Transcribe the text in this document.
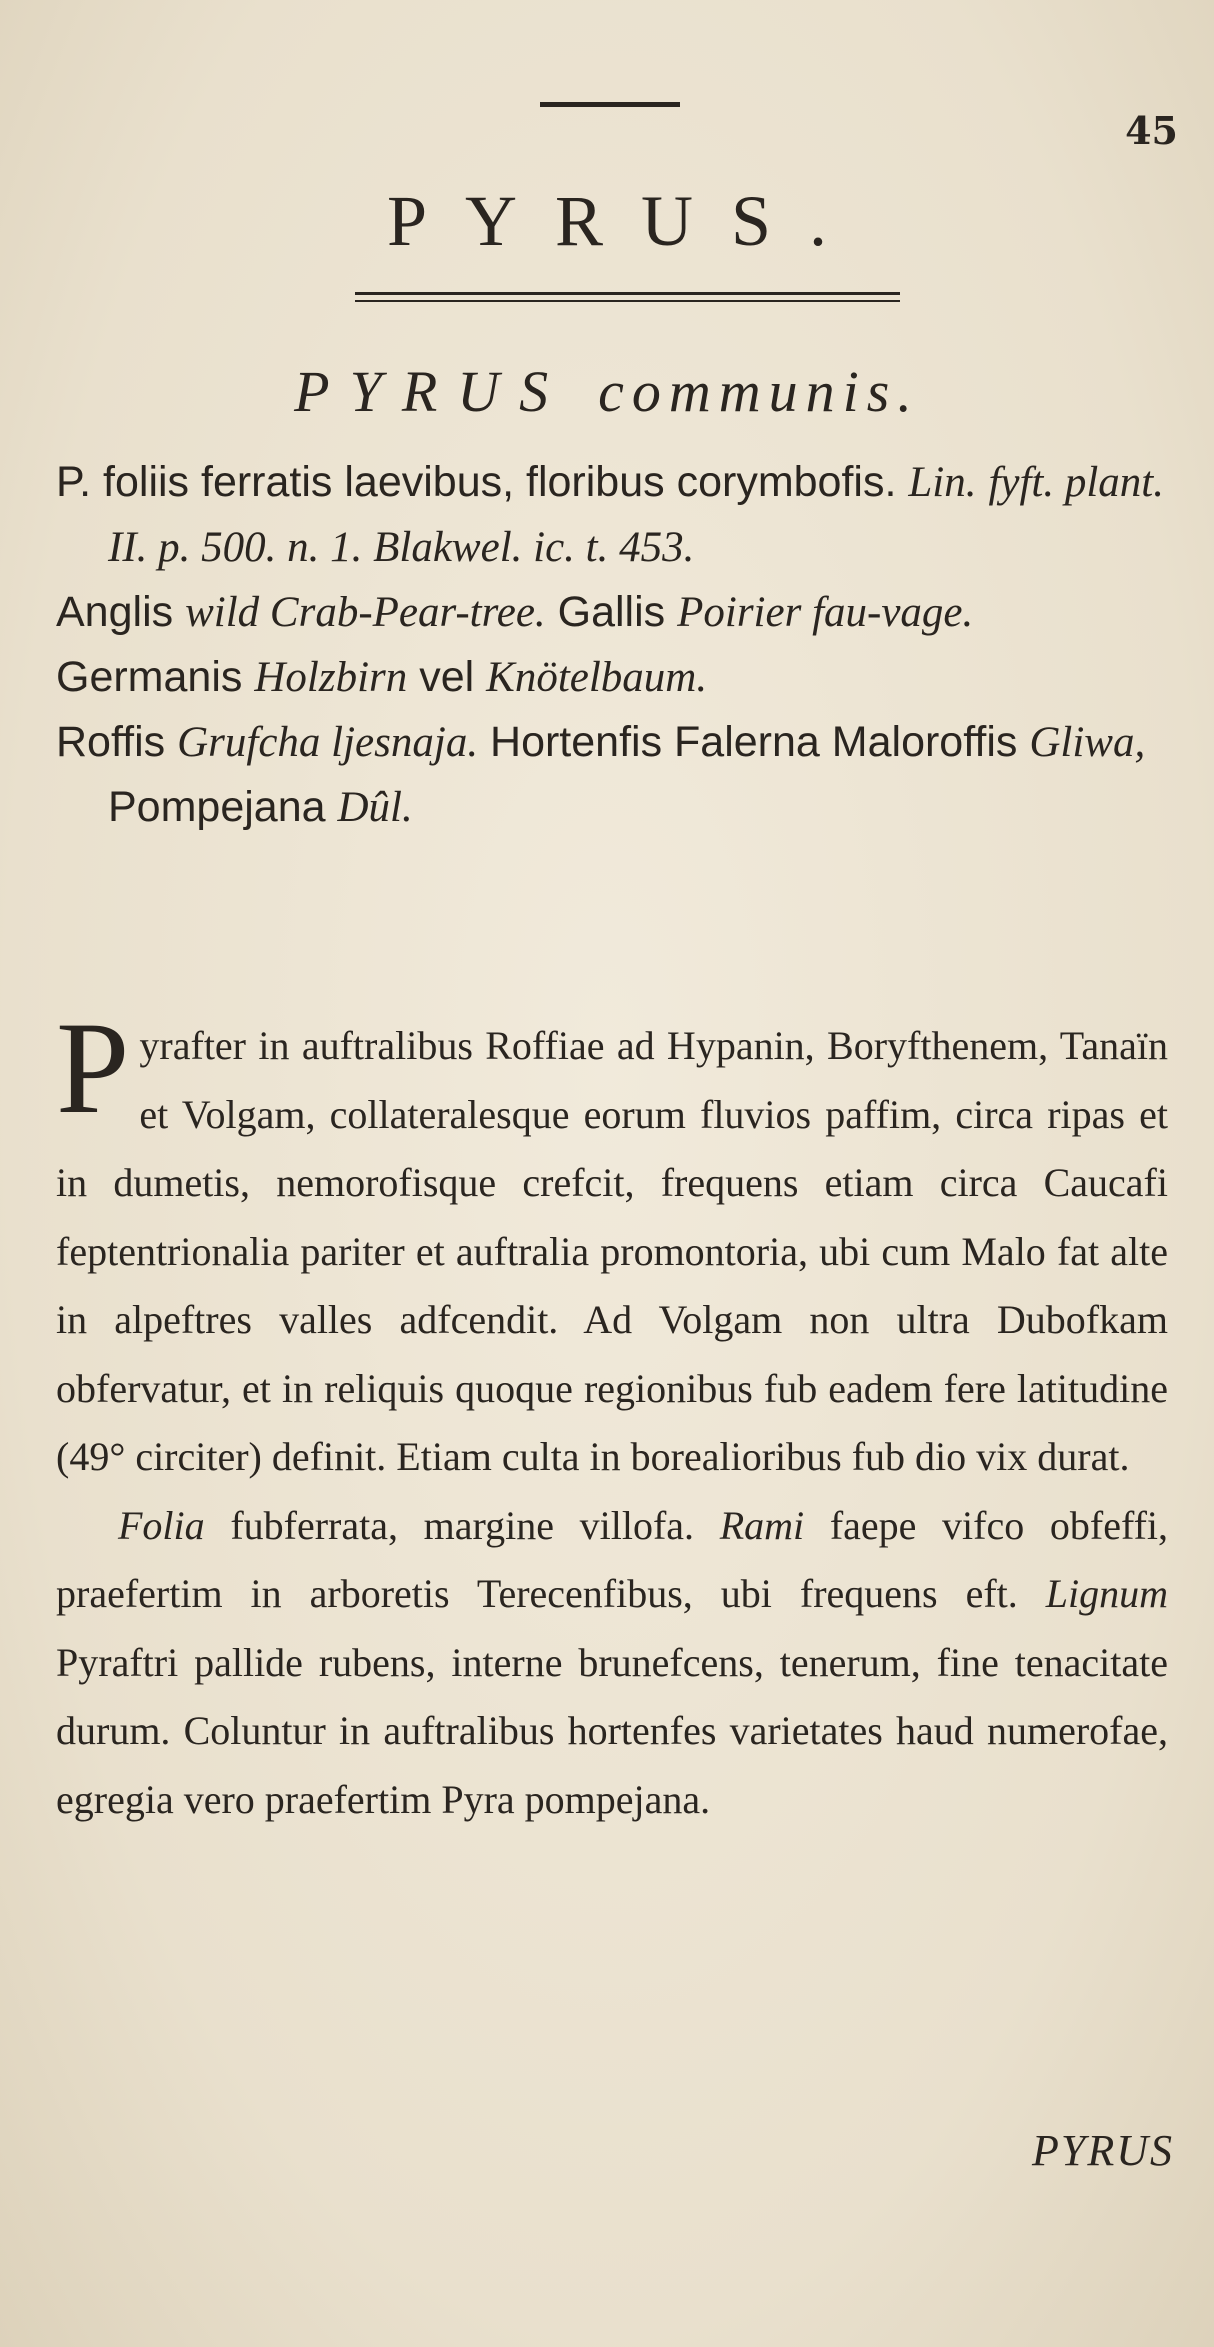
45
PYRUS.
PYRUS communis.

P. foliis ferratis laevibus, floribus corymbofis. Lin. fyft. plant. II. p. 500. n. 1. Blakwel. ic. t. 453.

Anglis wild Crab-Pear-tree. Gallis Poirier fau-vage.

Germanis Holzbirn vel Knötelbaum.

Roffis Grufcha ljesnaja. Hortenfis Falerna Maloroffis Gliwa, Pompejana Dûl.

Pyrafter in auftralibus Roffiae ad Hypanin, Boryfthenem, Tanaïn et Volgam, collateralesque eorum fluvios paffim, circa ripas et in dumetis, nemorofisque crefcit, frequens etiam circa Caucafi feptentrionalia pariter et auftralia promontoria, ubi cum Malo fat alte in alpeftres valles adfcendit. Ad Volgam non ultra Dubofkam obfervatur, et in reliquis quoque regionibus fub eadem fere latitudine (49° circiter) definit. Etiam culta in borealioribus fub dio vix durat.

Folia fubferrata, margine villofa. Rami faepe vifco obfeffi, praefertim in arboretis Terecenfibus, ubi frequens eft. Lignum Pyraftri pallide rubens, interne brunefcens, tenerum, fine tenacitate durum. Coluntur in auftralibus hortenfes varietates haud numerofae, egregia vero praefertim Pyra pompejana.

PYRUS
